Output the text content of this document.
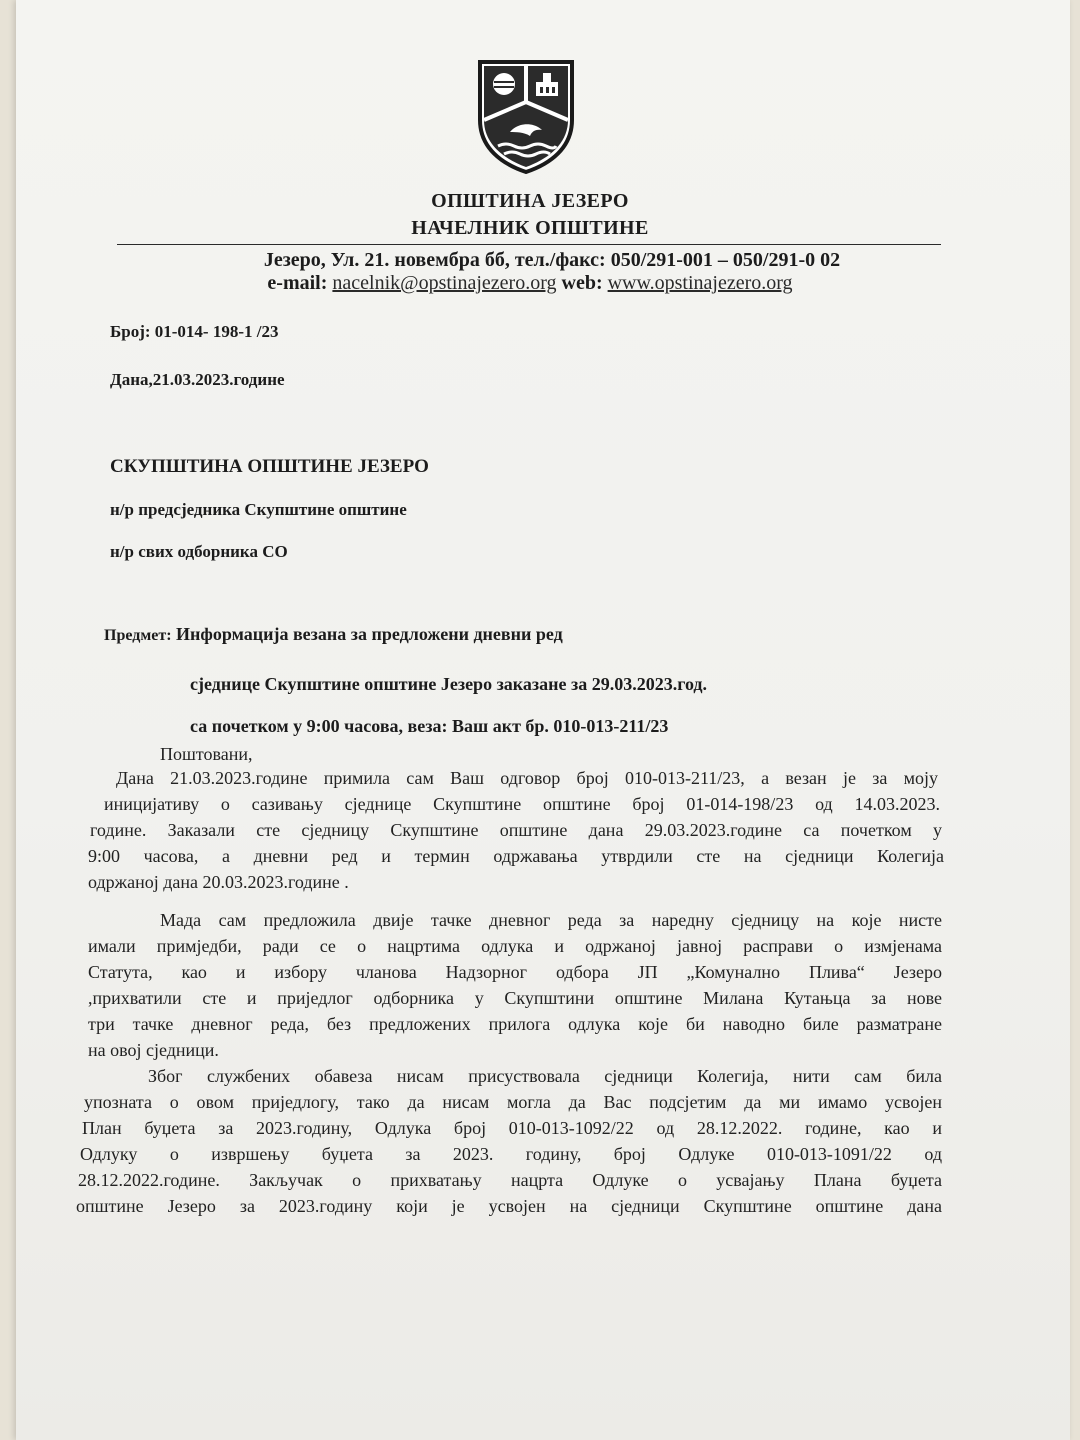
ОПШТИНА ЈЕЗЕРО
НАЧЕЛНИК ОПШТИНЕ
Језеро, Ул. 21. новембра бб, тел./факс: 050/291-001 – 050/291-0 02
e-mail: nacelnik@opstinajezero.org web: www.opstinajezero.org
Број: 01-014- 198-1 /23
Дана,21.03.2023.године
СКУПШТИНА ОПШТИНЕ ЈЕЗЕРО
н/р предсједника Скупштине општине
н/р свих одборника СО
Предмет: Информација везана за предложени дневни ред
сједнице Скупштине општине Језеро заказане за 29.03.2023.год.
са почетком у 9:00 часова, веза: Ваш акт бр. 010-013-211/23
Поштовани,
Дана 21.03.2023.године примила сам Ваш одговор број 010-013-211/23, а везан је за моју
иницијативу о сазивању сједнице Скупштине општине број 01-014-198/23 од 14.03.2023.
године. Заказали сте сједницу Скупштине општине дана 29.03.2023.године са почетком у
9:00 часова, а дневни ред и термин одржавања утврдили сте на сједници Колегија
одржаној дана 20.03.2023.године .
Мада сам предложила двије тачке дневног реда за наредну сједницу на које нисте
имали примједби, ради се о нацртима одлука и одржаној јавној расправи о измјенама
Статута, као и избору чланова Надзорног одбора ЈП „Комунално Плива“ Језеро
,прихватили сте и приједлог одборника у Скупштини општине Милана Кутањца за нове
три тачке дневног реда, без предложених прилога одлука које би наводно биле разматране
на овој сједници.
Због службених обавеза нисам присуствовала сједници Колегија, нити сам била
упозната о овом приједлогу, тако да нисам могла да Вас подсјетим да ми имамо усвојен
План буџета за 2023.годину, Одлука број 010-013-1092/22 од 28.12.2022. године, као и
Одлуку о извршењу буџета за 2023. годину, број Одлуке 010-013-1091/22 од
28.12.2022.године. Закључак о прихватању нацрта Одлуке о усвајању Плана буџета
општине Језеро за 2023.годину који је усвојен на сједници Скупштине општине дана
